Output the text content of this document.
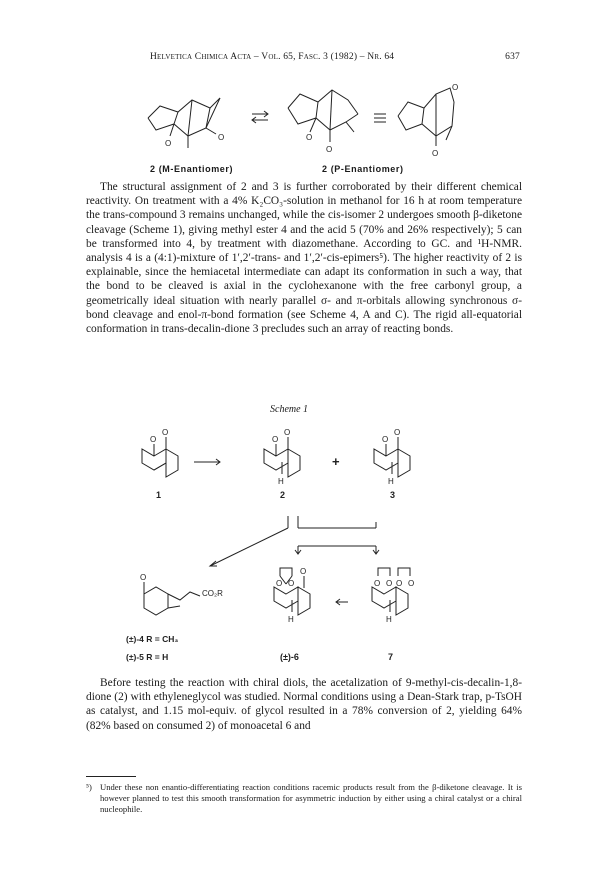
Helvetica Chimica Acta – Vol. 65, Fasc. 3 (1982) – Nr. 64	637
O
O	O
O	O
O
2 (M-Enantiomer)	2 (P-Enantiomer)

The structural assignment of 2 and 3 is further corroborated by their different chemical reactivity. On treatment with a 4% K₂CO₃-solution in methanol for 16 h at room temperature the trans-compound 3 remains unchanged, while the cis-isomer 2 undergoes smooth β-diketone cleavage (Scheme 1), giving methyl ester 4 and the acid 5 (70% and 26% respectively); 5 can be transformed into 4, by treatment with diazomethane. According to GC. and ¹H-NMR. analysis 4 is a (4:1)-mixture of 1′,2′-trans- and 1′,2′-cis-epimers⁵). The higher reactivity of 2 is explainable, since the hemiacetal intermediate can adapt its conformation in such a way, that the bond to be cleaved is axial in the cyclohexanone with the free carbonyl group, a geometrically ideal situation with nearly parallel σ- and π-orbitals allowing synchronous σ-bond cleavage and enol-π-bond formation (see Scheme 4, A and C). The rigid all-equatorial conformation in trans-decalin-dione 3 precludes such an array of reacting bonds.

Scheme 1
O
O
O
O
H
O
O
H
O
CO₂R
O O
O
H
O O O O
H
+
1	2	3
(±)-4 R = CH₃
(±)-5 R = H	(±)-6	7

Before testing the reaction with chiral diols, the acetalization of 9-methyl-cis-decalin-1,8-dione (2) with ethyleneglycol was studied. Normal conditions using a Dean-Stark trap, p-TsOH as catalyst, and 1.15 mol-equiv. of glycol resulted in a 78% conversion of 2, yielding 64% (82% based on consumed 2) of monoacetal 6 and

⁵) Under these non enantio-differentiating reaction conditions racemic products result from the β-diketone cleavage. It is however planned to test this smooth transformation for asymmetric induction by either using a chiral catalyst or a chiral nucleophile.
